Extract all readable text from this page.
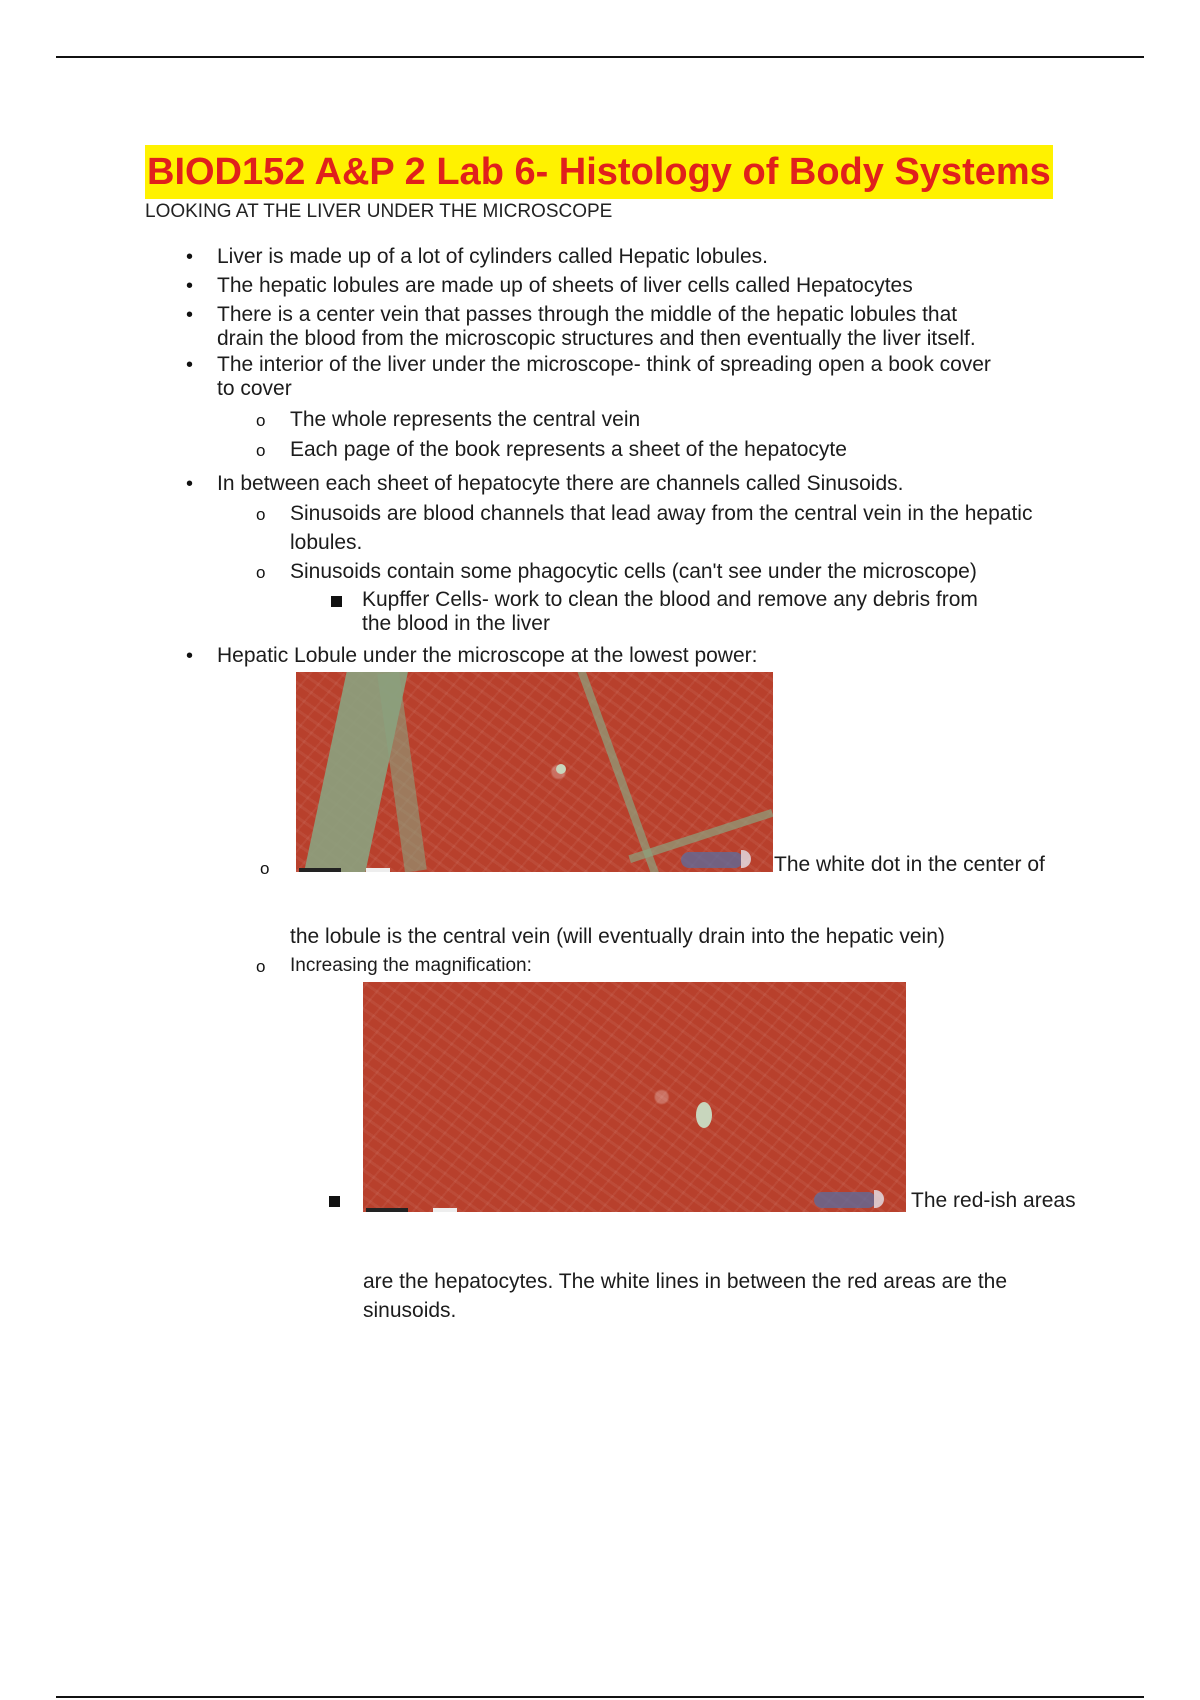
BIOD152 A&P 2 Lab 6- Histology of Body Systems
LOOKING AT THE LIVER UNDER THE MICROSCOPE
•
Liver is made up of a lot of cylinders called Hepatic lobules.
•
The hepatic lobules are made up of sheets of liver cells called Hepatocytes
•
There is a center vein that passes through the middle of the hepatic lobules that
drain the blood from the microscopic structures and then eventually the liver itself.
•
The interior of the liver under the microscope- think of spreading open a book cover
to cover
o
The whole represents the central vein
o
Each page of the book represents a sheet of the hepatocyte
•
In between each sheet of hepatocyte there are channels called Sinusoids.
o
Sinusoids are blood channels that lead away from the central vein in the hepatic
lobules.
o
Sinusoids contain some phagocytic cells (can't see under the microscope)
Kupffer Cells- work to clean the blood and remove any debris from
the blood in the liver
•
Hepatic Lobule under the microscope at the lowest power:
o
The white dot in the center of
the lobule is the central vein (will eventually drain into the hepatic vein)
o
Increasing the magnification:
The red-ish areas
are the hepatocytes. The white lines in between the red areas are the
sinusoids.
